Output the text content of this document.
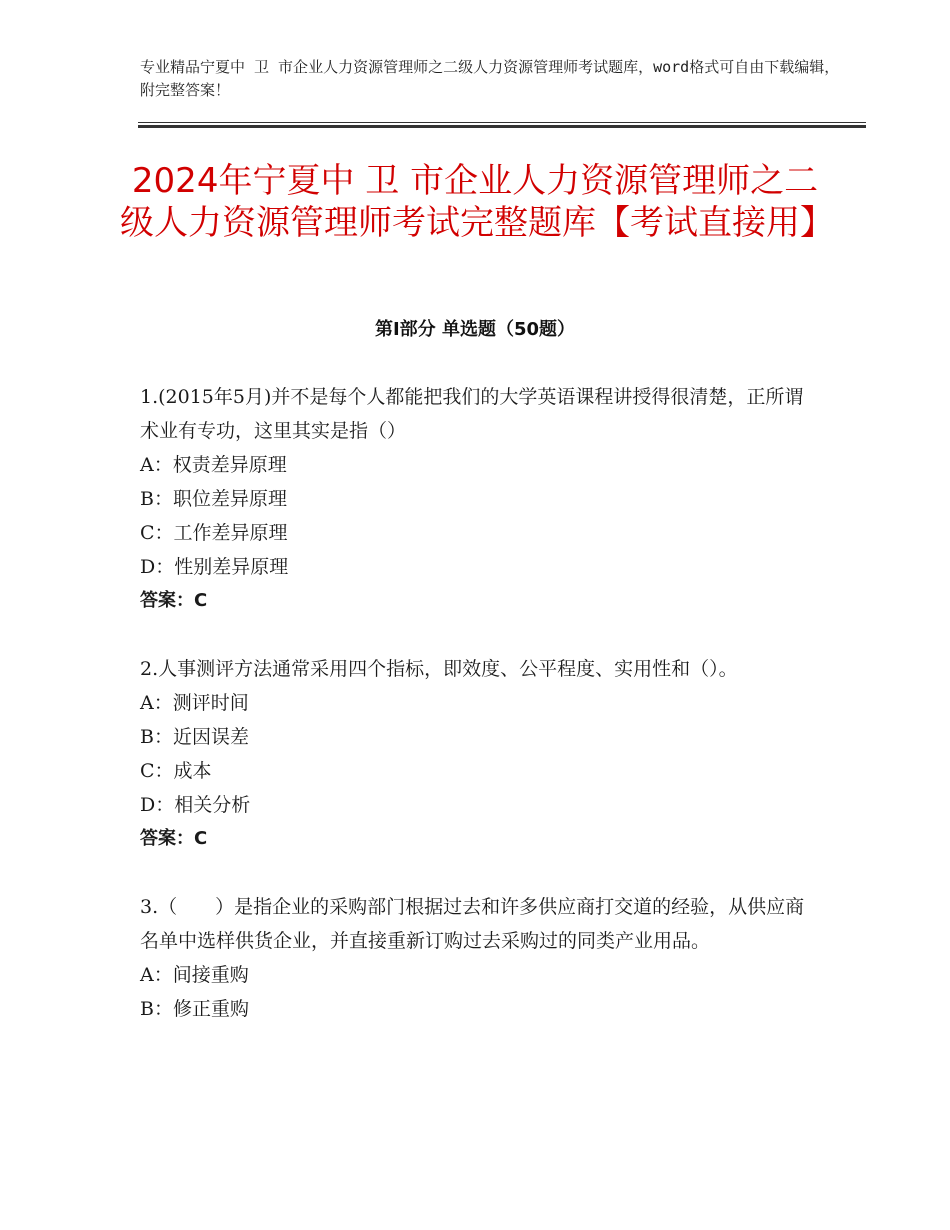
专业精品宁夏中 卫 市企业人力资源管理师之二级人力资源管理师考试题库，word格式可自由下载编辑，附完整答案！
2024年宁夏中 卫 市企业人力资源管理师之二级人力资源管理师考试完整题库【考试直接用】
第Ⅰ部分 单选题（50题）

1.(2015年5月)并不是每个人都能把我们的大学英语课程讲授得很清楚，正所谓术业有专功，这里其实是指（）

A：权责差异原理

B：职位差异原理

C：工作差异原理

D：性别差异原理

答案：C

2.人事测评方法通常采用四个指标，即效度、公平程度、实用性和（）。

A：测评时间

B：近因误差

C：成本

D：相关分析

答案：C

3.（　　）是指企业的采购部门根据过去和许多供应商打交道的经验，从供应商名单中选样供货企业，并直接重新订购过去采购过的同类产业用品。

A：间接重购

B：修正重购
